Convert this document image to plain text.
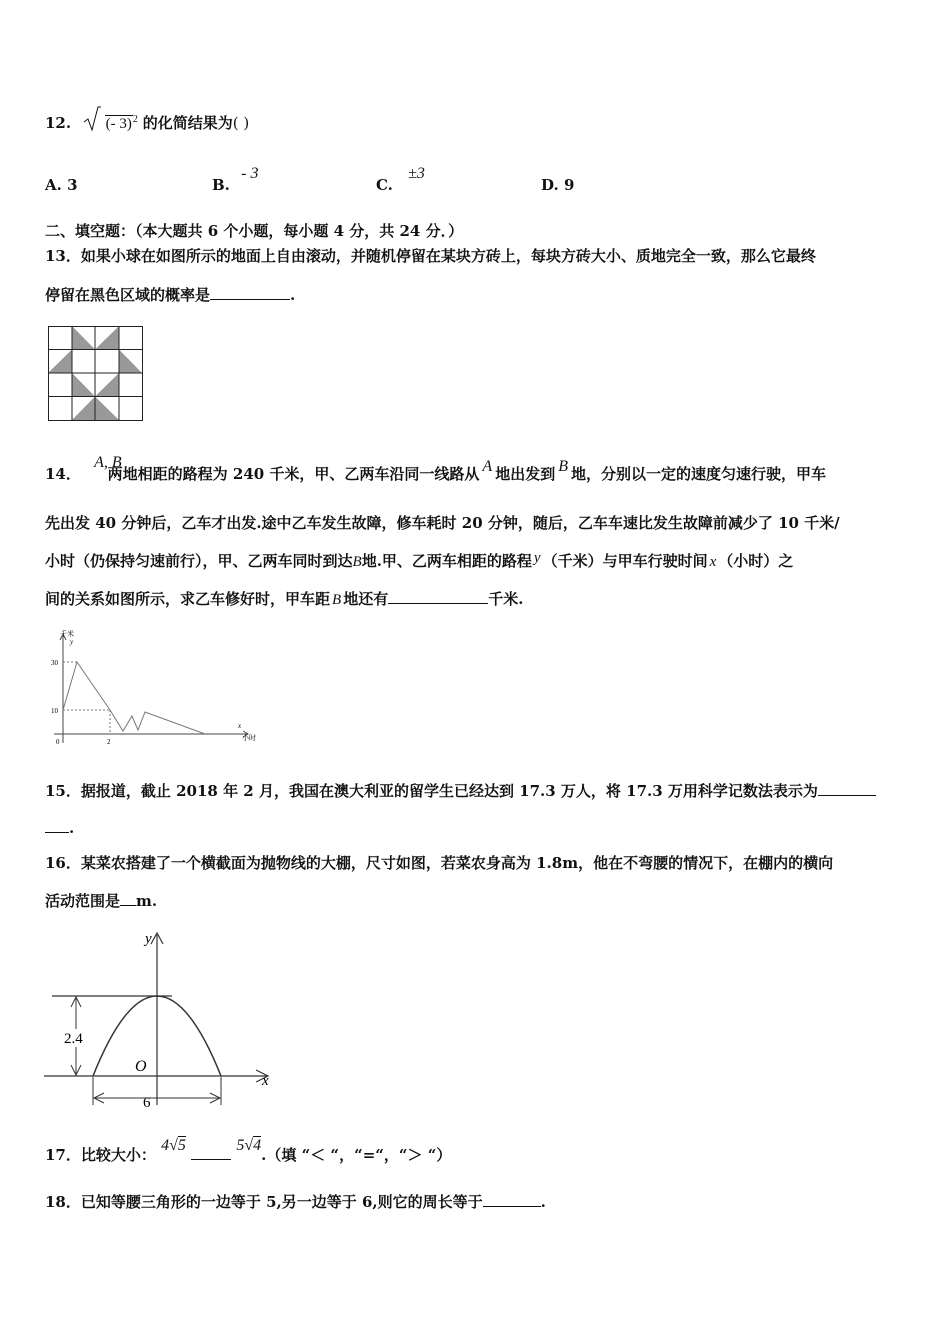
12. (- 3)$^2$ 的化简结果为( )
A. 3	B. - 3
C. ±3
D. 9
二、填空题：（本大题共 6 个小题，每小题 4 分，共 24 分．）
13．如果小球在如图所示的地面上自由滚动，并随机停留在某块方砖上，每块方砖大小、质地完全一致，那么它最终
停留在黑色区域的概率是	.
14． A, B两地相距的路程为 240 千米，甲、乙两车沿同一线路从 A 地出发到 B 地，分别以一定的速度匀速行驶，甲车
先出发 40 分钟后，乙车才出发.途中乙车发生故障，修车耗时 20 分钟，随后，乙车车速比发生故障前减少了 10 千米/
小时（仍保持匀速前行），甲、乙两车同时到达B地.甲、乙两车相距的路程 y （千米）与甲车行驶时间 x （小时）之
间的关系如图所示，求乙车修好时，甲车距 B 地还有	千米.
千米
y
30
10
0	2
x
小时
15．据报道，截止 2018 年 2 月，我国在澳大利亚的留学生已经达到 17.3 万人，将 17.3 万用科学记数法表示为
.
16．某菜农搭建了一个横截面为抛物线的大棚，尺寸如图，若菜农身高为 1.8m，他在不弯腰的情况下，在棚内的横向
活动范围是 m.
y
x
2.4
O
6
17．比较大小： 4√5	5√4.（填 “＜ “，“=“，“＞ “）
18．已知等腰三角形的一边等于 5,另一边等于 6,则它的周长等于	.
